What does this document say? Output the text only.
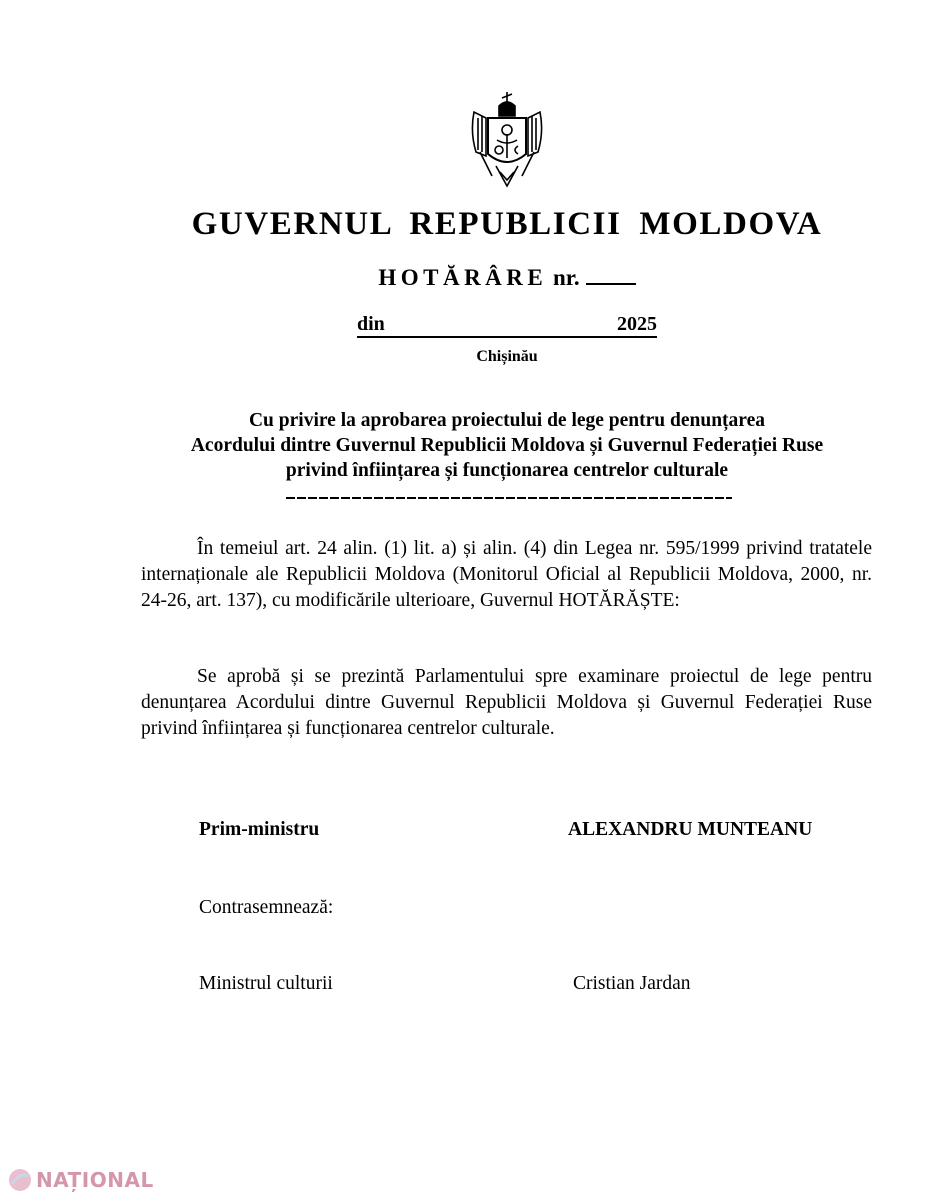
GUVERNUL REPUBLICII MOLDOVA
HOTĂRÂRE nr.
din	2025
Chișinău
Cu privire la aprobarea proiectului de lege pentru denunțarea
Acordului dintre Guvernul Republicii Moldova și Guvernul Federației Ruse
privind înființarea și funcționarea centrelor culturale
În temeiul art. 24 alin. (1) lit. a) și alin. (4) din Legea nr. 595/1999 privind tratatele internaționale ale Republicii Moldova (Monitorul Oficial al Republicii Moldova, 2000, nr. 24-26, art. 137), cu modificările ulterioare, Guvernul HOTĂRĂȘTE:
Se aprobă și se prezintă Parlamentului spre examinare proiectul de lege pentru denunțarea Acordului dintre Guvernul Republicii Moldova și Guvernul Federației Ruse privind înființarea și funcționarea centrelor culturale.
Prim-ministru	ALEXANDRU MUNTEANU
Contrasemnează:
Ministrul culturii	Cristian Jardan
NAȚIONAL
